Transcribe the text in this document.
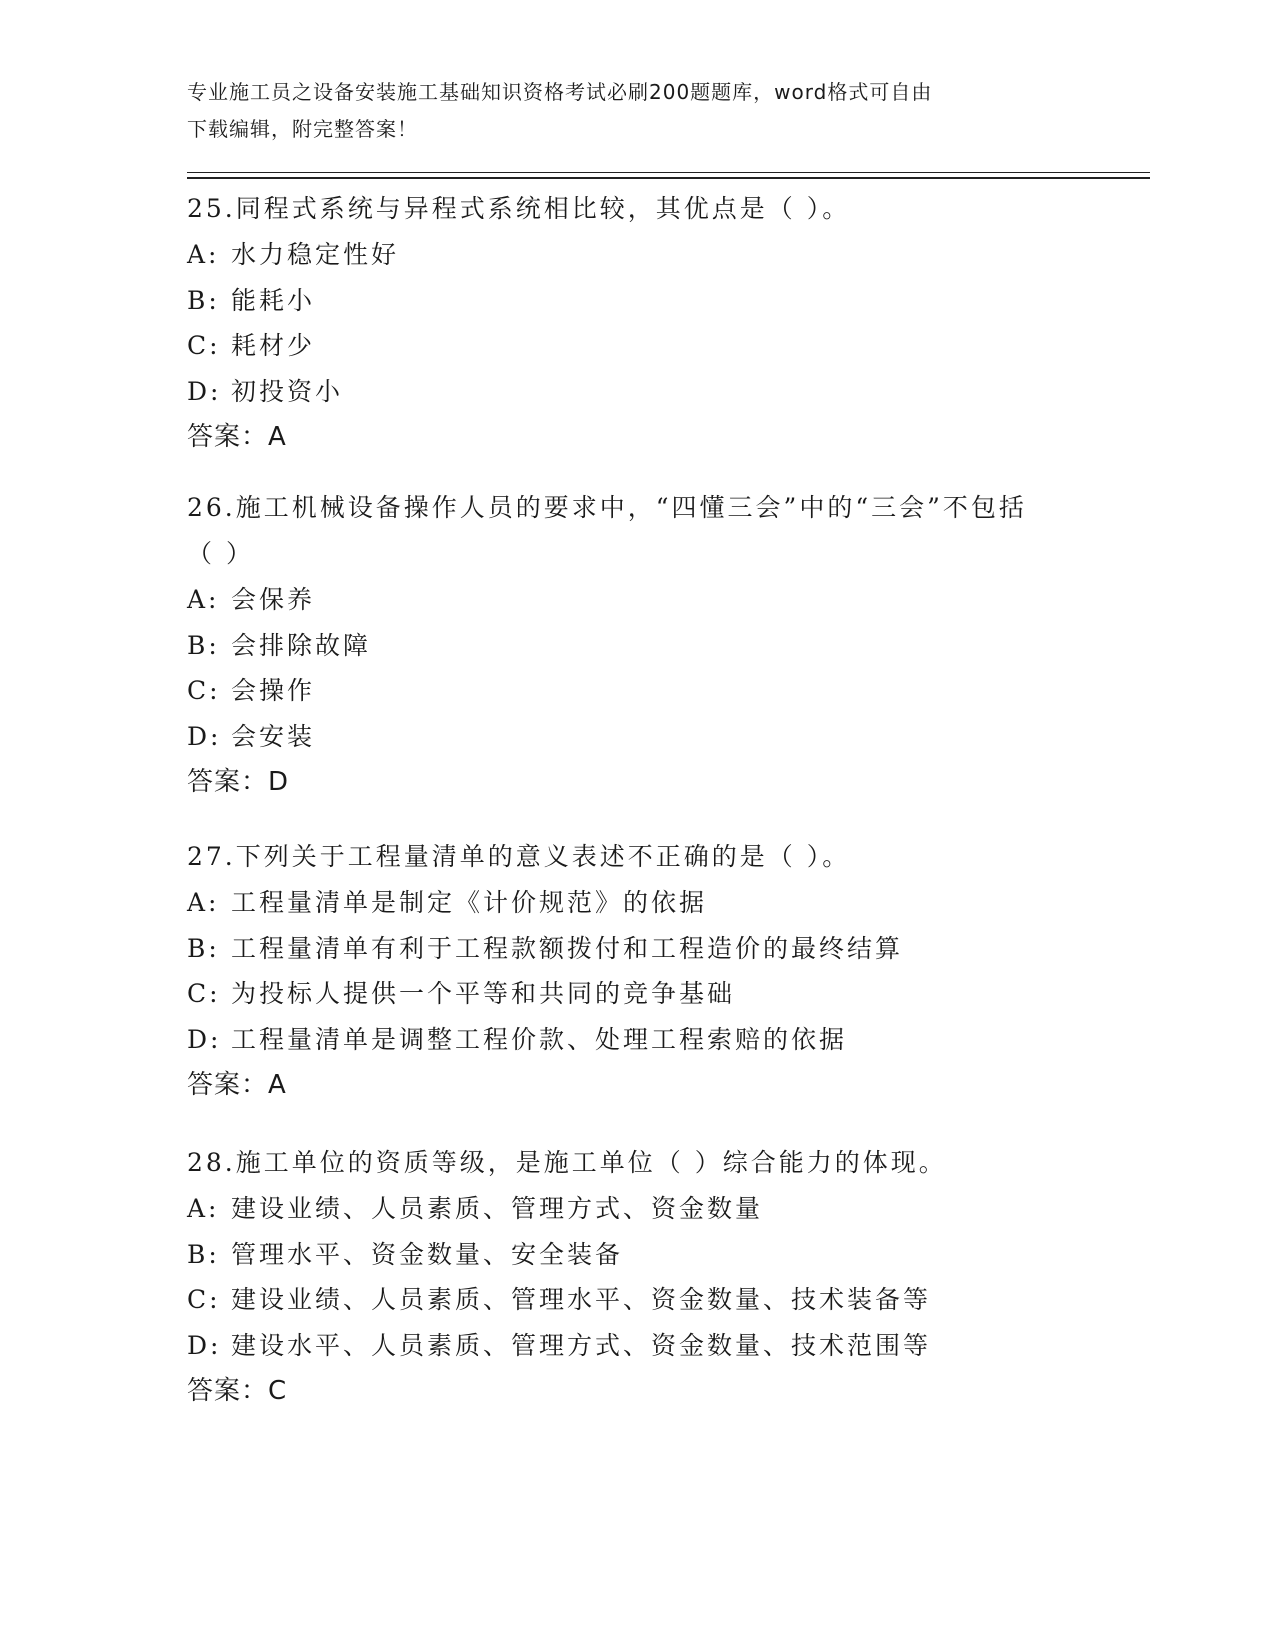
专业施工员之设备安装施工基础知识资格考试必刷200题题库，word格式可自由
下载编辑，附完整答案！
25.同程式系统与异程式系统相比较，其优点是（ ）。
A: 水力稳定性好
B: 能耗小
C: 耗材少
D: 初投资小
答案：A
26.施工机械设备操作人员的要求中，“四懂三会”中的“三会”不包括（ ）
A: 会保养
B: 会排除故障
C: 会操作
D: 会安装
答案：D
27.下列关于工程量清单的意义表述不正确的是（ ）。
A: 工程量清单是制定《计价规范》的依据
B: 工程量清单有利于工程款额拨付和工程造价的最终结算
C: 为投标人提供一个平等和共同的竞争基础
D: 工程量清单是调整工程价款、处理工程索赔的依据
答案：A
28.施工单位的资质等级，是施工单位（ ）综合能力的体现。
A: 建设业绩、人员素质、管理方式、资金数量
B: 管理水平、资金数量、安全装备
C: 建设业绩、人员素质、管理水平、资金数量、技术装备等
D: 建设水平、人员素质、管理方式、资金数量、技术范围等
答案：C
